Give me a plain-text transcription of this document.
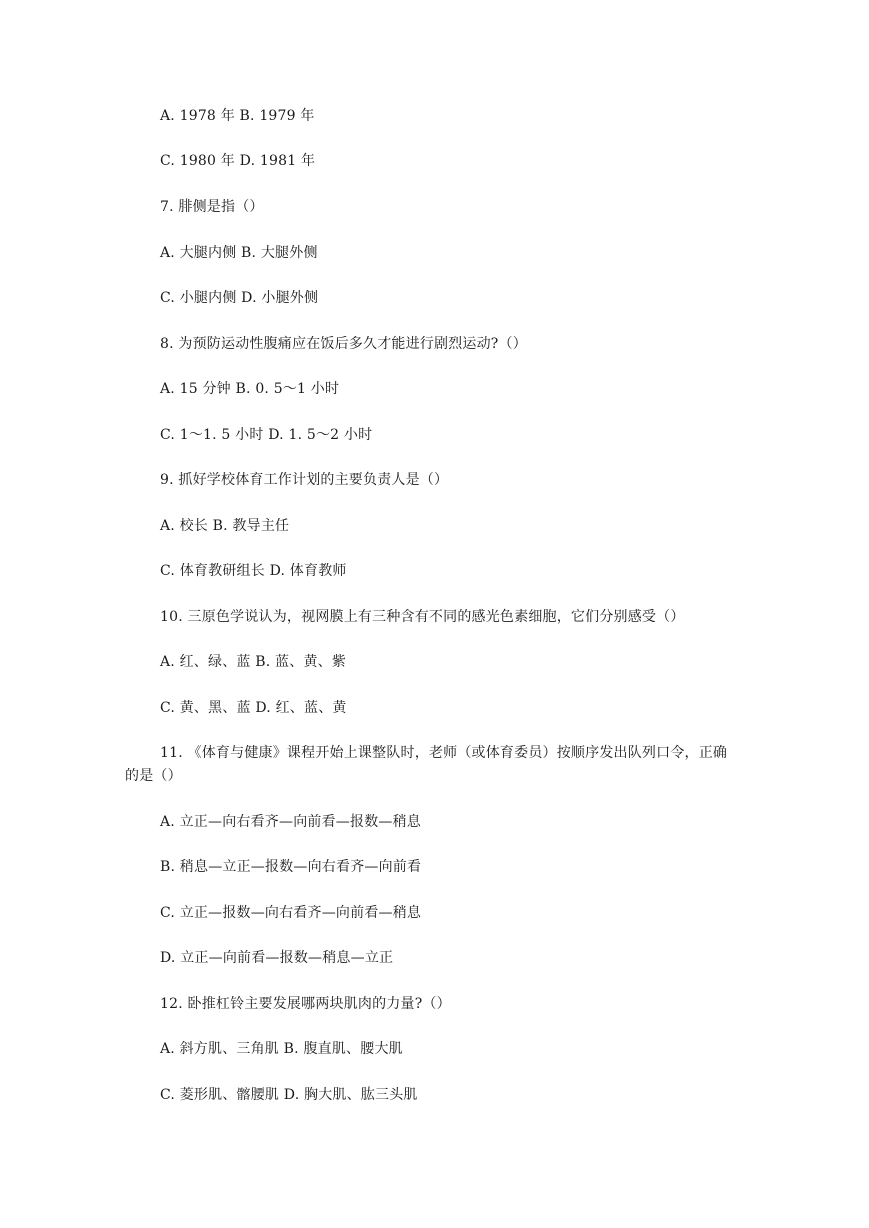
A. 1978 年 B. 1979 年
C. 1980 年 D. 1981 年
7. 腓侧是指（）
A. 大腿内侧 B. 大腿外侧
C. 小腿内侧 D. 小腿外侧
8. 为预防运动性腹痛应在饭后多久才能进行剧烈运动?（）
A. 15 分钟 B. 0. 5～1 小时
C. 1～1. 5 小时 D. 1. 5～2 小时
9. 抓好学校体育工作计划的主要负责人是（）
A. 校长 B. 教导主任
C. 体育教研组长 D. 体育教师
10. 三原色学说认为，视网膜上有三种含有不同的感光色素细胞，它们分别感受（）
A. 红、绿、蓝 B. 蓝、黄、紫
C. 黄、黑、蓝 D. 红、蓝、黄
11. 《体育与健康》课程开始上课整队时，老师（或体育委员）按顺序发出队列口令，正确的是（）
A. 立正—向右看齐—向前看—报数—稍息
B. 稍息—立正—报数—向右看齐—向前看
C. 立正—报数—向右看齐—向前看—稍息
D. 立正—向前看—报数—稍息—立正
12. 卧推杠铃主要发展哪两块肌肉的力量?（）
A. 斜方肌、三角肌 B. 腹直肌、腰大肌
C. 菱形肌、髂腰肌 D. 胸大肌、肱三头肌
